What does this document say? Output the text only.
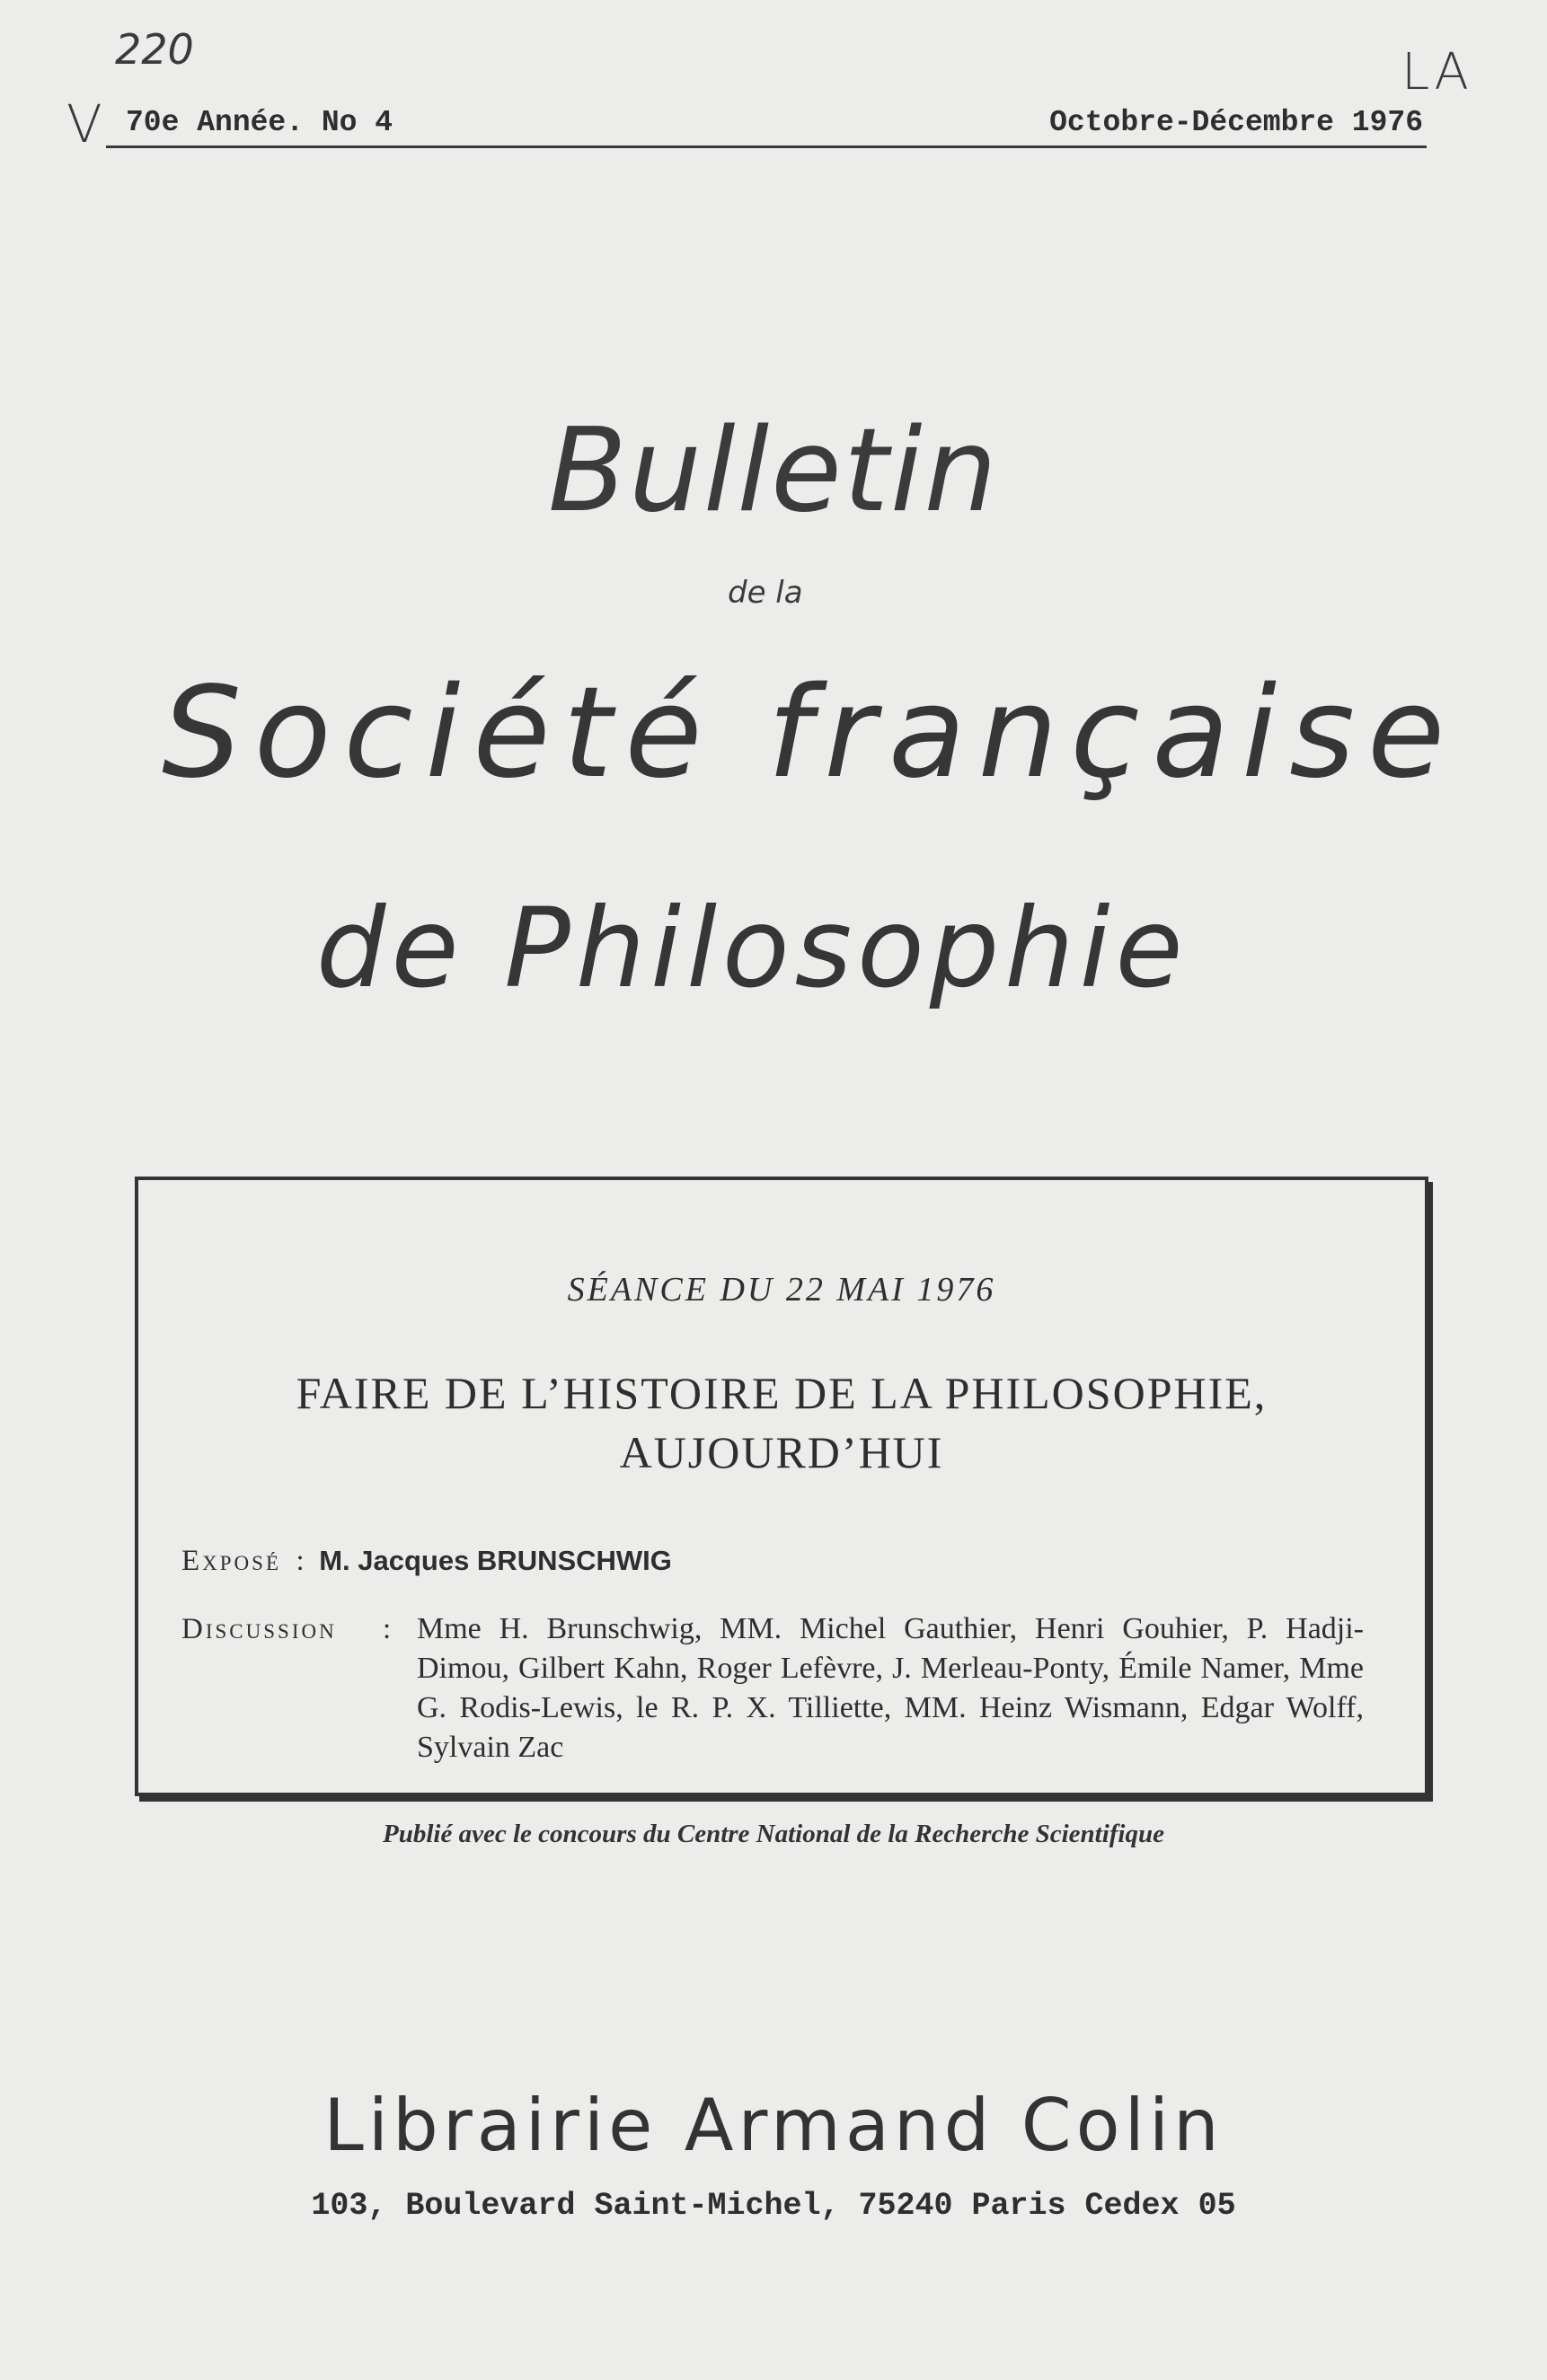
220
V
LA
70e Année. No 4	Octobre-Décembre 1976
Bulletin
de la
Société française
de Philosophie
SÉANCE DU 22 MAI 1976
FAIRE DE L’HISTOIRE DE LA PHILOSOPHIE,
AUJOURD’HUI
Exposé  :  M. Jacques BRUNSCHWIG
Discussion : Mme H. Brunschwig, MM. Michel Gauthier, Henri Gouhier, P. Hadji-Dimou, Gilbert Kahn, Roger Lefèvre, J. Merleau-Ponty, Émile Namer, Mme G. Rodis-Lewis, le R. P. X. Tilliette, MM. Heinz Wismann, Edgar Wolff, Sylvain Zac
Publié avec le concours du Centre National de la Recherche Scientifique
Librairie Armand Colin
103, Boulevard Saint-Michel, 75240 Paris Cedex 05
